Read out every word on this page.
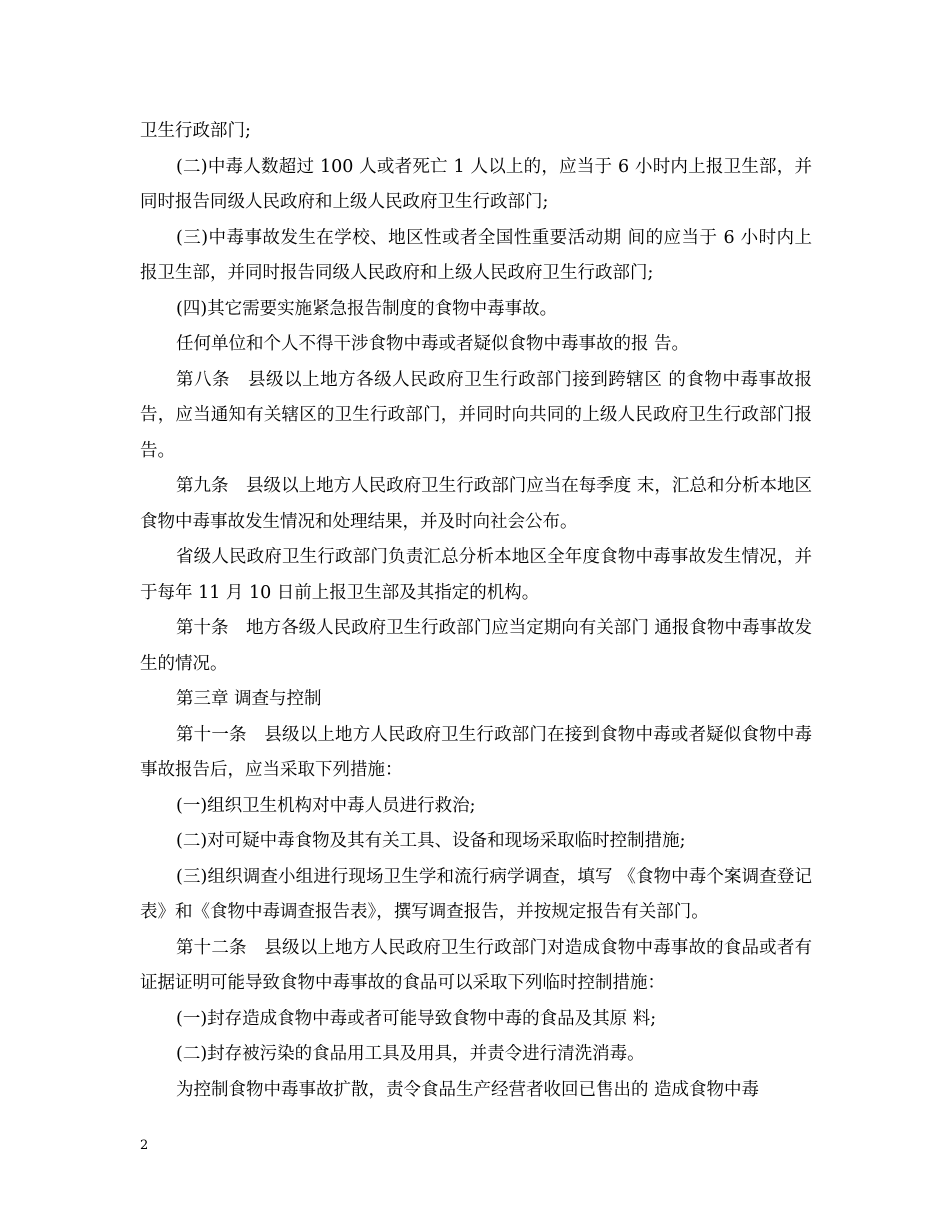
卫生行政部门;

(二)中毒人数超过 100 人或者死亡 1 人以上的，应当于 6 小时内上报卫生部，并同时报告同级人民政府和上级人民政府卫生行政部门;

(三)中毒事故发生在学校、地区性或者全国性重要活动期 间的应当于 6 小时内上报卫生部，并同时报告同级人民政府和上级人民政府卫生行政部门;

(四)其它需要实施紧急报告制度的食物中毒事故。

任何单位和个人不得干涉食物中毒或者疑似食物中毒事故的报 告。

第八条　县级以上地方各级人民政府卫生行政部门接到跨辖区 的食物中毒事故报告，应当通知有关辖区的卫生行政部门，并同时向共同的上级人民政府卫生行政部门报告。

第九条　县级以上地方人民政府卫生行政部门应当在每季度 末，汇总和分析本地区食物中毒事故发生情况和处理结果，并及时向社会公布。

省级人民政府卫生行政部门负责汇总分析本地区全年度食物中毒事故发生情况，并于每年 11 月 10 日前上报卫生部及其指定的机构。

第十条　地方各级人民政府卫生行政部门应当定期向有关部门 通报食物中毒事故发生的情况。

第三章 调查与控制

第十一条　县级以上地方人民政府卫生行政部门在接到食物中毒或者疑似食物中毒事故报告后，应当采取下列措施：

(一)组织卫生机构对中毒人员进行救治;

(二)对可疑中毒食物及其有关工具、设备和现场采取临时控制措施;

(三)组织调查小组进行现场卫生学和流行病学调查，填写 《食物中毒个案调查登记表》和《食物中毒调查报告表》，撰写调查报告，并按规定报告有关部门。

第十二条　县级以上地方人民政府卫生行政部门对造成食物中毒事故的食品或者有证据证明可能导致食物中毒事故的食品可以采取下列临时控制措施：

(一)封存造成食物中毒或者可能导致食物中毒的食品及其原 料;

(二)封存被污染的食品用工具及用具，并责令进行清洗消毒。

为控制食物中毒事故扩散，责令食品生产经营者收回已售出的 造成食物中毒

2
